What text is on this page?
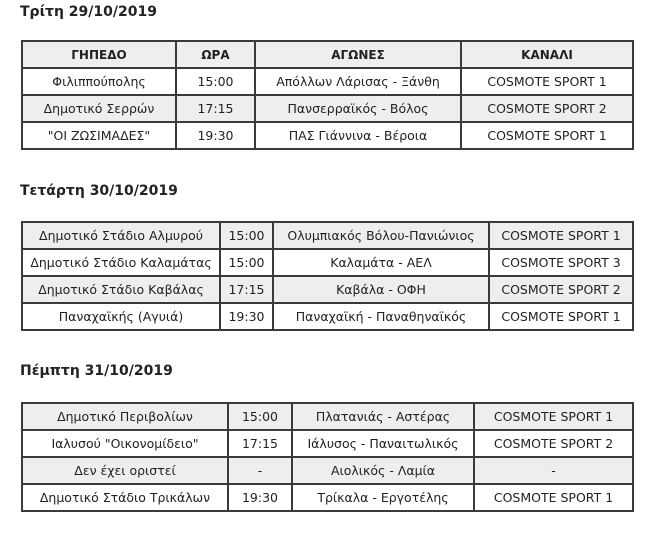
Τρίτη 29/10/2019
ΓΗΠΕΔΟ	ΩΡΑ	ΑΓΩΝΕΣ	ΚΑΝΑΛΙ
Φιλιππούπολης	15:00	Απόλλων Λάρισας - Ξάνθη	COSMOTE SPORT 1
Δημοτικό Σερρών	17:15	Πανσερραϊκός - Βόλος	COSMOTE SPORT 2
"ΟΙ ΖΩΣΙΜΑΔΕΣ"	19:30	ΠΑΣ Γιάννινα - Βέροια	COSMOTE SPORT 1
Τετάρτη 30/10/2019
Δημοτικό Στάδιο Αλμυρού	15:00	Ολυμπιακός Βόλου-Πανιώνιος	COSMOTE SPORT 1
Δημοτικό Στάδιο Καλαμάτας	15:00	Καλαμάτα - ΑΕΛ	COSMOTE SPORT 3
Δημοτικό Στάδιο Καβάλας	17:15	Καβάλα - ΟΦΗ	COSMOTE SPORT 2
Παναχαϊκής (Αγυιά)	19:30	Παναχαϊκή - Παναθηναϊκός	COSMOTE SPORT 1
Πέμπτη 31/10/2019
Δημοτικό Περιβολίων	15:00	Πλατανιάς - Αστέρας	COSMOTE SPORT 1
Ιαλυσού "Οικονομίδειο"	17:15	Ιάλυσος - Παναιτωλικός	COSMOTE SPORT 2
Δεν έχει οριστεί	-	Αιολικός - Λαμία	-
Δημοτικό Στάδιο Τρικάλων	19:30	Τρίκαλα - Εργοτέλης	COSMOTE SPORT 1
